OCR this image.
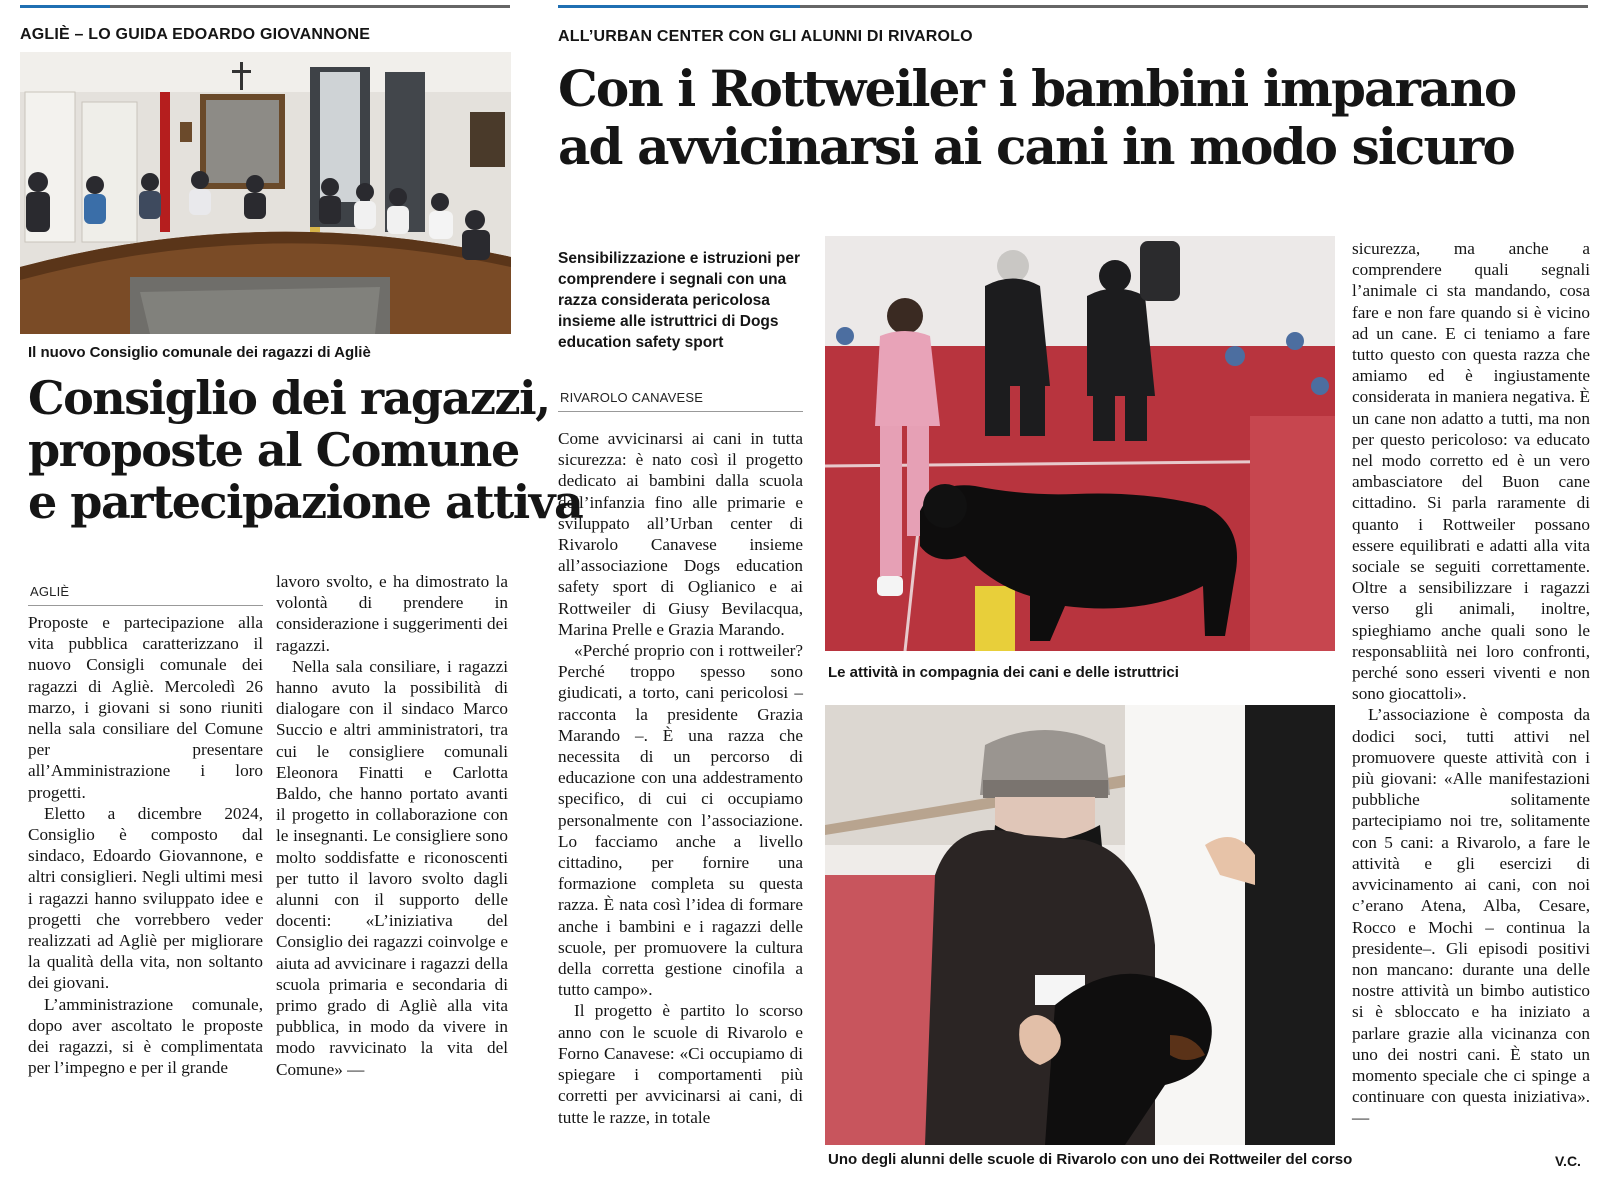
AGLIÈ – LO GUIDA EDOARDO GIOVANNONE
Il nuovo Consiglio comunale dei ragazzi di Agliè
Consiglio dei ragazzi,
proposte al Comune
e partecipazione attiva
AGLIÈ

Proposte e partecipazione alla vita pubblica caratterizzano il nuovo Consigli comunale dei ragazzi di Agliè. Mercoledì 26 marzo, i giovani si sono riuniti nella sala consiliare del Comune per presentare all’Amministrazione i loro progetti.

Eletto a dicembre 2024, Consiglio è composto dal sindaco, Edoardo Giovannone, e altri consiglieri. Negli ultimi mesi i ragazzi hanno sviluppato idee e progetti che vorrebbero veder realizzati ad Agliè per migliorare la qualità della vita, non soltanto dei giovani.

L’amministrazione comunale, dopo aver ascoltato le proposte dei ragazzi, si è complimentata per l’impegno e per il grande

lavoro svolto, e ha dimostrato la volontà di prendere in considerazione i suggerimenti dei ragazzi.

Nella sala consiliare, i ragazzi hanno avuto la possibilità di dialogare con il sindaco Marco Succio e altri amministratori, tra cui le consigliere comunali Eleonora Finatti e Carlotta Baldo, che hanno portato avanti il progetto in collaborazione con le insegnanti. Le consigliere sono molto soddisfatte e riconoscenti per tutto il lavoro svolto dagli alunni con il supporto delle docenti: «L’iniziativa del Consiglio dei ragazzi coinvolge e aiuta ad avvicinare i ragazzi della scuola primaria e secondaria di primo grado di Agliè alla vita pubblica, in modo da vivere in modo ravvicinato la vita del Comune» —

ALL’URBAN CENTER CON GLI ALUNNI DI RIVAROLO
Con i Rottweiler i bambini imparano
ad avvicinarsi ai cani in modo sicuro
Sensibilizzazione e istruzioni per comprendere i segnali con una razza considerata pericolosa insieme alle istruttrici di Dogs education safety sport
RIVAROLO CANAVESE

Come avvicinarsi ai cani in tutta sicurezza: è nato così il progetto dedicato ai bambini dalla scuola dell’infanzia fino alle primarie e sviluppato all’Urban center di Rivarolo Canavese insieme all’associazione Dogs education safety sport di Oglianico e ai Rottweiler di Giusy Bevilacqua, Marina Prelle e Grazia Marando.

«Perché proprio con i rottweiler? Perché troppo spesso sono giudicati, a torto, cani pericolosi – racconta la presidente Grazia Marando –. È una razza che necessita di un percorso di educazione con una addestramento specifico, di cui ci occupiamo personalmente con l’associazione. Lo facciamo anche a livello cittadino, per fornire una formazione completa su questa razza. È nata così l’idea di formare anche i bambini e i ragazzi delle scuole, per promuovere la cultura della corretta gestione cinofila a tutto campo».

Il progetto è partito lo scorso anno con le scuole di Rivarolo e Forno Canavese: «Ci occupiamo di spiegare i comportamenti più corretti per avvicinarsi ai cani, di tutte le razze, in totale

Le attività in compagnia dei cani e delle istruttrici
Uno degli alunni delle scuole di Rivarolo con uno dei Rottweiler del corso

sicurezza, ma anche a comprendere quali segnali l’animale ci sta mandando, cosa fare e non fare quando si è vicino ad un cane. E ci teniamo a fare tutto questo con questa razza che amiamo ed è ingiustamente considerata in maniera negativa. È un cane non adatto a tutti, ma non per questo pericoloso: va educato nel modo corretto ed è un vero ambasciatore del Buon cane cittadino. Si parla raramente di quanto i Rottweiler possano essere equilibrati e adatti alla vita sociale se seguiti correttamente. Oltre a sensibilizzare i ragazzi verso gli animali, inoltre, spieghiamo anche quali sono le responsabliità nei loro confronti, perché sono esseri viventi e non sono giocattoli».

L’associazione è composta da dodici soci, tutti attivi nel promuovere queste attività con i più giovani: «Alle manifestazioni pubbliche solitamente partecipiamo noi tre, solitamente con 5 cani: a Rivarolo, a fare le attività e gli esercizi di avvicinamento ai cani, con noi c’erano Atena, Alba, Cesare, Rocco e Mochi – continua la presidente–. Gli episodi positivi non mancano: durante una delle nostre attività un bimbo autistico si è sbloccato e ha iniziato a parlare grazie alla vicinanza con uno dei nostri cani. È stato un momento speciale che ci spinge a continuare con questa iniziativa». —

V.C.
